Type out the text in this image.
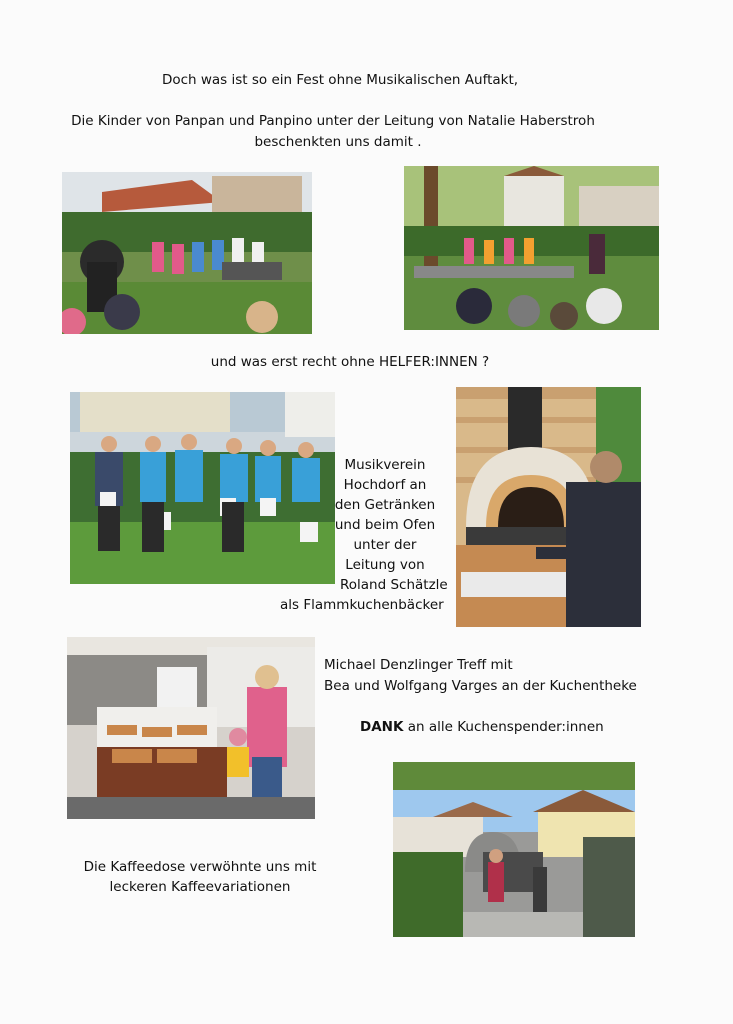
Doch was ist so ein Fest ohne Musikalischen Auftakt,
Die Kinder von Panpan und Panpino unter der Leitung von Natalie Haberstroh
beschenkten uns damit .
und was erst recht ohne HELFER:INNEN ?
Musikverein
Hochdorf an
den Getränken
und beim Ofen
unter der
Leitung von
Roland Schätzle
als Flammkuchenbäcker
Michael Denzlinger Treff mit
Bea und Wolfgang Varges an der Kuchentheke
DANK an alle Kuchenspender:innen
Die Kaffeedose verwöhnte uns mit
leckeren Kaffeevariationen
